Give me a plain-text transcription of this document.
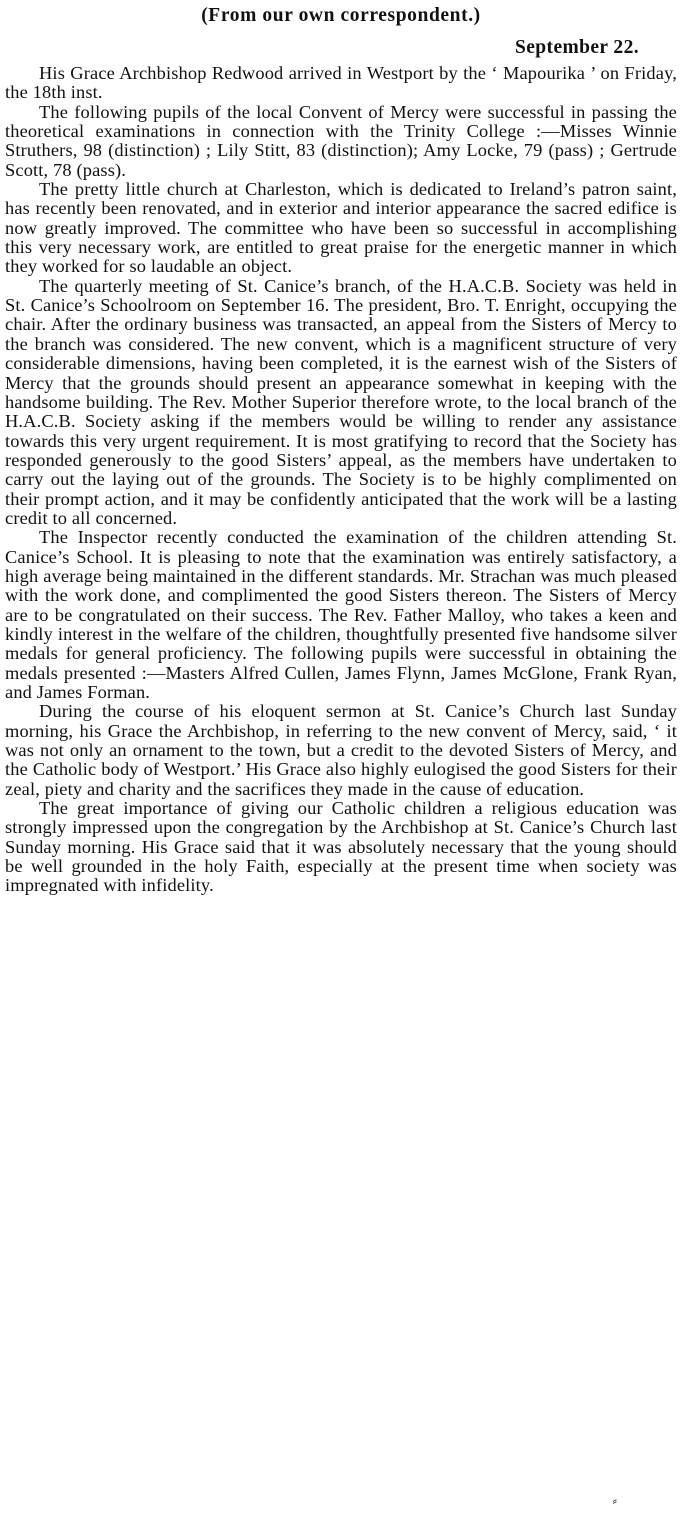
(From our own correspondent.)
September 22.

His Grace Archbishop Redwood arrived in Westport by the ‘ Mapourika ’ on Friday, the 18th inst.

The following pupils of the local Convent of Mercy were successful in passing the theoretical examinations in connection with the Trinity College :—Misses Winnie Struthers, 98 (distinction) ; Lily Stitt, 83 (distinction); Amy Locke, 79 (pass) ; Gertrude Scott, 78 (pass).

The pretty little church at Charleston, which is dedicated to Ireland’s patron saint, has recently been renovated, and in exterior and interior appearance the sacred edifice is now greatly improved. The committee who have been so successful in accomplishing this very necessary work, are entitled to great praise for the energetic manner in which they worked for so laudable an object.

The quarterly meeting of St. Canice’s branch, of the H.A.C.B. Society was held in St. Canice’s Schoolroom on September 16. The president, Bro. T. Enright, occupying the chair. After the ordinary business was transacted, an appeal from the Sisters of Mercy to the branch was considered. The new convent, which is a magnificent structure of very considerable dimensions, having been completed, it is the earnest wish of the Sisters of Mercy that the grounds should present an appearance somewhat in keeping with the handsome building. The Rev. Mother Superior therefore wrote, to the local branch of the H.A.C.B. Society asking if the members would be willing to render any assistance towards this very urgent requirement. It is most gratifying to record that the Society has responded generously to the good Sisters’ appeal, as the members have undertaken to carry out the laying out of the grounds. The Society is to be highly complimented on their prompt action, and it may be confidently anticipated that the work will be a lasting credit to all concerned.

The Inspector recently conducted the examination of the children attending St. Canice’s School. It is pleasing to note that the examination was entirely satisfactory, a high average being maintained in the different standards. Mr. Strachan was much pleased with the work done, and complimented the good Sisters thereon. The Sisters of Mercy are to be congratulated on their success. The Rev. Father Malloy, who takes a keen and kindly interest in the welfare of the children, thoughtfully presented five handsome silver medals for general proficiency. The following pupils were successful in obtaining the medals presented :—Masters Alfred Cullen, James Flynn, James McGlone, Frank Ryan, and James Forman.

During the course of his eloquent sermon at St. Canice’s Church last Sunday morning, his Grace the Archbishop, in referring to the new convent of Mercy, said, ‘ it was not only an ornament to the town, but a credit to the devoted Sisters of Mercy, and the Catholic body of Westport.’ His Grace also highly eulogised the good Sisters for their zeal, piety and charity and the sacrifices they made in the cause of education.

The great importance of giving our Catholic children a religious education was strongly impressed upon the congregation by the Archbishop at St. Canice’s Church last Sunday morning. His Grace said that it was absolutely necessary that the young should be well grounded in the holy Faith, especially at the present time when society was impregnated with infidelity.

⸗
